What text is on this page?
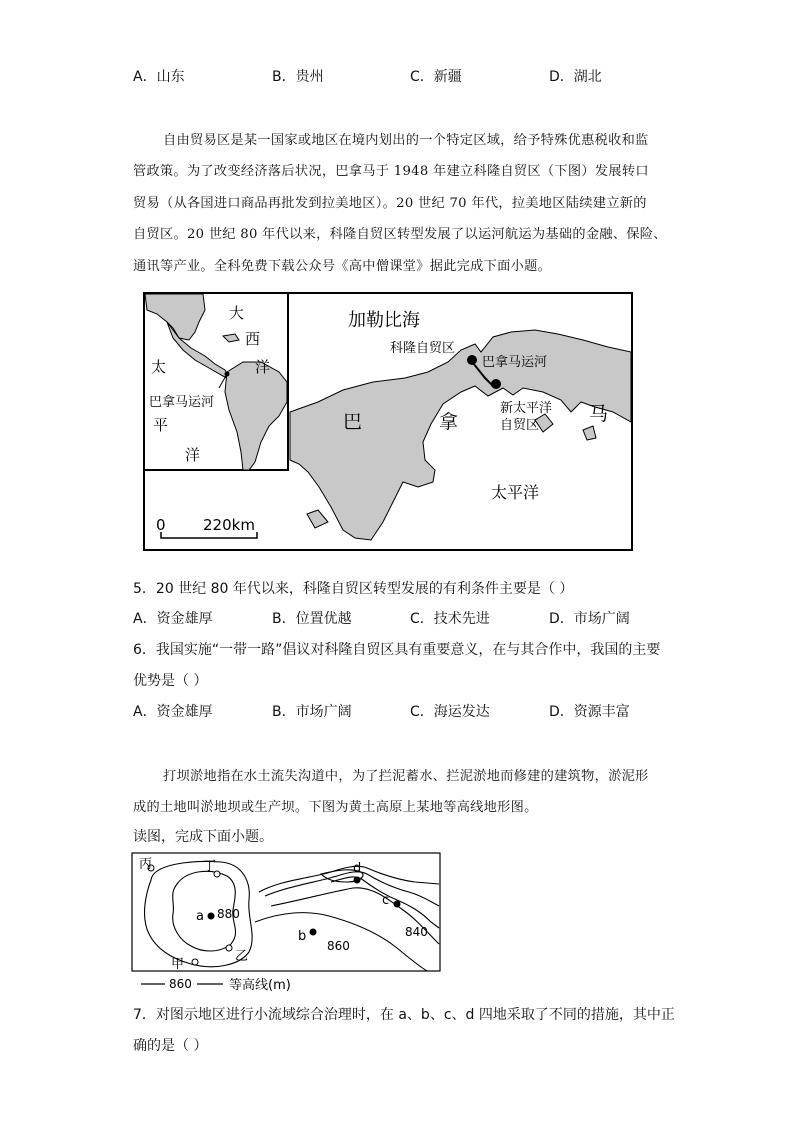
A．山东	B．贵州	C．新疆	D．湖北
自由贸易区是某一国家或地区在境内划出的一个特定区域，给予特殊优惠税收和监
管政策。为了改变经济落后状况，巴拿马于 1948 年建立科隆自贸区（下图）发展转口
贸易（从各国进口商品再批发到拉美地区）。20 世纪 70 年代，拉美地区陆续建立新的
自贸区。20 世纪 80 年代以来，科隆自贸区转型发展了以运河航运为基础的金融、保险、
通讯等产业。全科免费下载公众号《高中僧课堂》据此完成下面小题。
大
西
洋
太
平
洋
巴拿马运河
加勒比海
科隆自贸区
巴拿马运河
新太平洋
自贸区
巴	拿	马
太平洋
0 220km
5．20 世纪 80 年代以来，科隆自贸区转型发展的有利条件主要是（ ）
A．资金雄厚	B．位置优越	C．技术先进	D．市场广阔
6．我国实施“一带一路”倡议对科隆自贸区具有重要意义，在与其合作中，我国的主要
优势是（ ）
A．资金雄厚	B．市场广阔	C．海运发达	D．资源丰富
打坝淤地指在水土流失沟道中，为了拦泥蓄水、拦泥淤地而修建的建筑物，淤泥形
成的土地叫淤地坝或生产坝。下图为黄土高原上某地等高线地形图。
读图，完成下面小题。
丙	丁
甲
乙
a
b
c
d
880
860
840
860	等高线(m)
7．对图示地区进行小流域综合治理时，在 a、b、c、d 四地采取了不同的措施，其中正
确的是（ ）
